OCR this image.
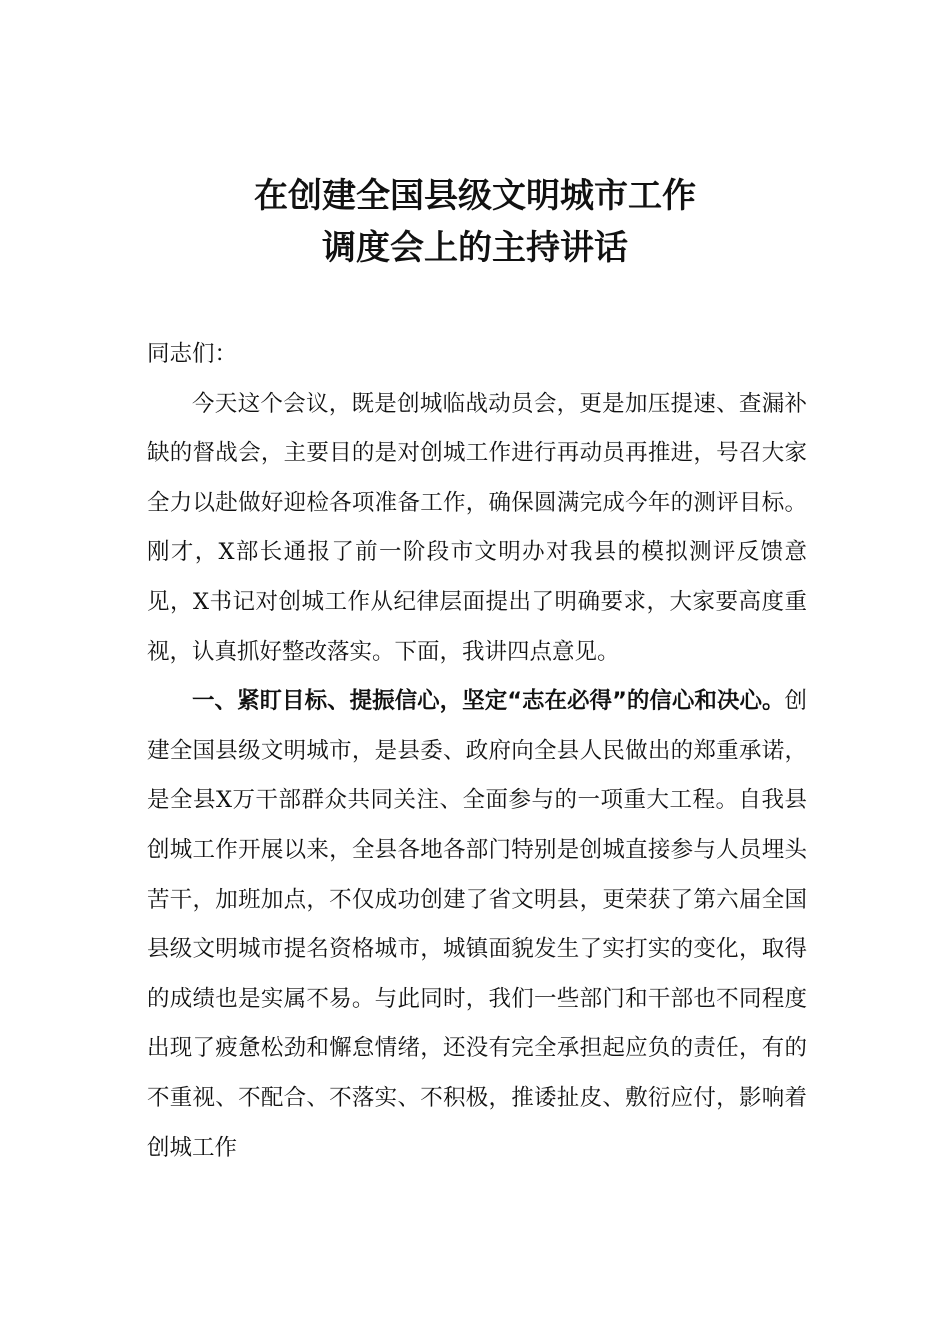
在创建全国县级文明城市工作
调度会上的主持讲话

同志们：

今天这个会议，既是创城临战动员会，更是加压提速、查漏补缺的督战会，主要目的是对创城工作进行再动员再推进，号召大家全力以赴做好迎检各项准备工作，确保圆满完成今年的测评目标。 刚才，X部长通报了前一阶段市文明办对我县的模拟测评反馈意见，X书记对创城工作从纪律层面提出了明确要求，大家要高度重视，认真抓好整改落实。下面，我讲四点意见。

一、紧盯目标、提振信心，坚定“志在必得”的信心和决心。创建全国县级文明城市，是县委、政府向全县人民做出的郑重承诺，是全县X万干部群众共同关注、全面参与的一项重大工程。自我县创城工作开展以来，全县各地各部门特别是创城直接参与人员埋头苦干，加班加点，不仅成功创建了省文明县，更荣获了第六届全国县级文明城市提名资格城市，城镇面貌发生了实打实的变化，取得的成绩也是实属不易。与此同时，我们一些部门和干部也不同程度出现了疲惫松劲和懈怠情绪，还没有完全承担起应负的责任，有的不重视、不配合、不落实、不积极，推诿扯皮、敷衍应付，影响着创城工作
